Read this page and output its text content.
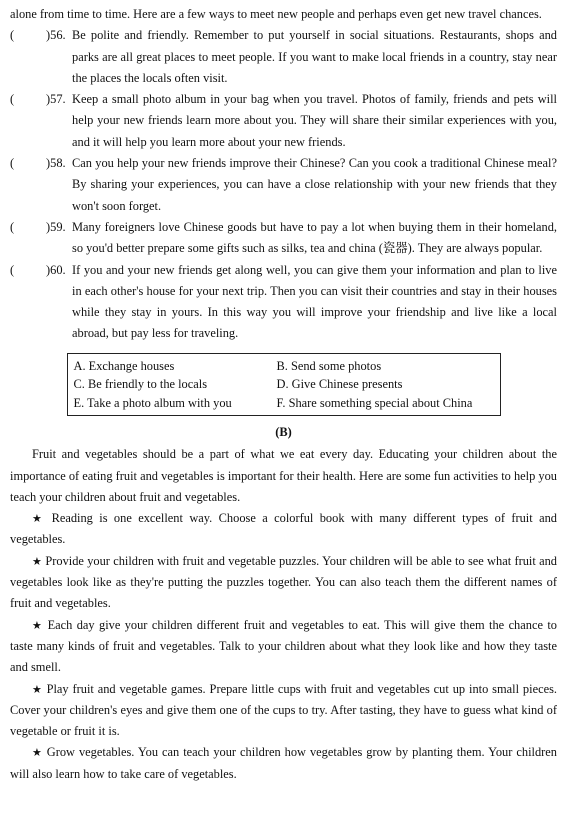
alone from time to time. Here are a few ways to meet new people and perhaps even get new travel chances.

(	)56. Be polite and friendly. Remember to put yourself in social situations. Restaurants, shops and parks are all great places to meet people. If you want to make local friends in a country, stay near the places the locals often visit.

(	)57. Keep a small photo album in your bag when you travel. Photos of family, friends and pets will help your new friends learn more about you. They will share their similar experiences with you, and it will help you learn more about your new friends.

(	)58. Can you help your new friends improve their Chinese? Can you cook a traditional Chinese meal? By sharing your experiences, you can have a close relationship with your new friends that they won't soon forget.

(	)59. Many foreigners love Chinese goods but have to pay a lot when buying them in their homeland, so you'd better prepare some gifts such as silks, tea and china (瓷器). They are always popular.

(	)60. If you and your new friends get along well, you can give them your information and plan to live in each other's house for your next trip. Then you can visit their countries and stay in their houses while they stay in yours. In this way you will improve your friendship and live like a local abroad, but pay less for traveling.

A. Exchange houses	B. Send some photos
C. Be friendly to the locals	D. Give Chinese presents
E. Take a photo album with you	F. Share something special about China
(B)

Fruit and vegetables should be a part of what we eat every day. Educating your children about the importance of eating fruit and vegetables is important for their health. Here are some fun activities to help you teach your children about fruit and vegetables.

★ Reading is one excellent way. Choose a colorful book with many different types of fruit and vegetables.

★ Provide your children with fruit and vegetable puzzles. Your children will be able to see what fruit and vegetables look like as they're putting the puzzles together. You can also teach them the different names of fruit and vegetables.

★ Each day give your children different fruit and vegetables to eat. This will give them the chance to taste many kinds of fruit and vegetables. Talk to your children about what they look like and how they taste and smell.

★ Play fruit and vegetable games. Prepare little cups with fruit and vegetables cut up into small pieces. Cover your children's eyes and give them one of the cups to try. After tasting, they have to guess what kind of vegetable or fruit it is.

★ Grow vegetables. You can teach your children how vegetables grow by planting them. Your children will also learn how to take care of vegetables.
